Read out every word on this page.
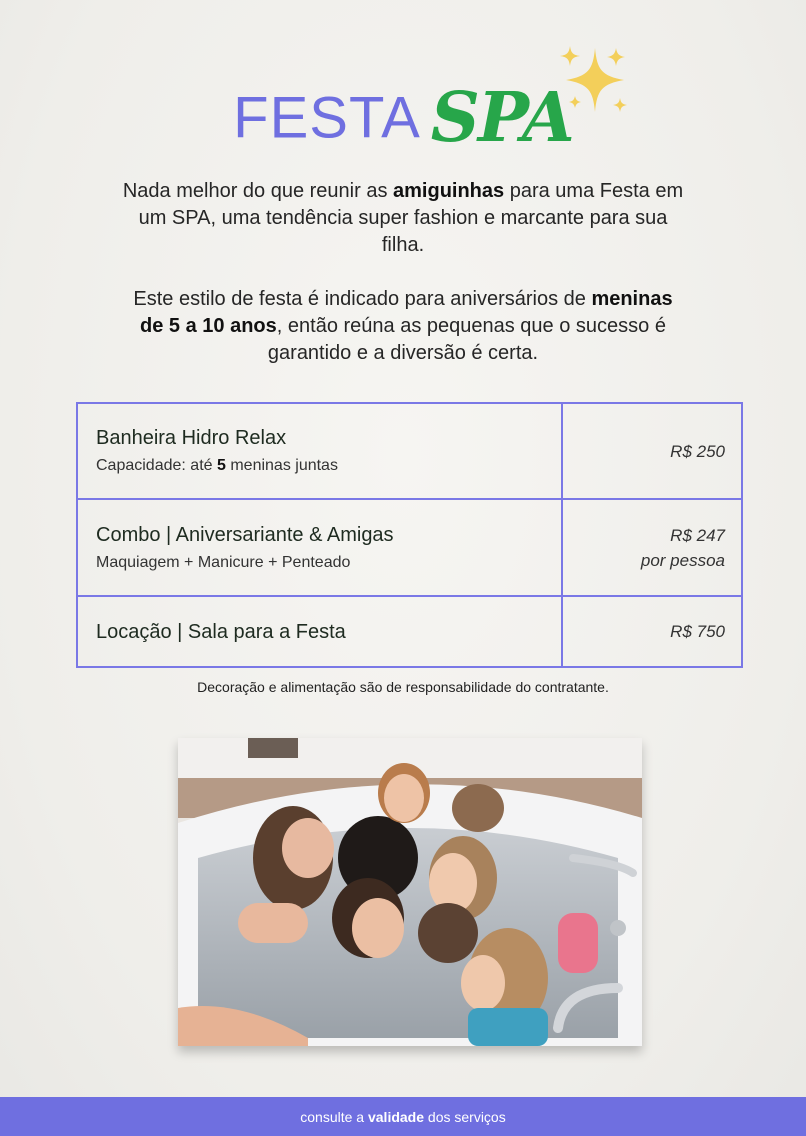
FESTA SPA

Nada melhor do que reunir as amiguinhas para uma Festa em um SPA, uma tendência super fashion e marcante para sua filha.

Este estilo de festa é indicado para aniversários de meninas de 5 a 10 anos, então reúna as pequenas que o sucesso é garantido e a diversão é certa.

Banheira Hidro Relax
Capacidade: até 5 meninas juntas
R$ 250
Combo | Aniversariante & Amigas
Maquiagem + Manicure + Penteado
R$ 247
por pessoa
Locação | Sala para a Festa	R$ 750
Decoração e alimentação são de responsabilidade do contratante.
consulte a validade dos serviços
